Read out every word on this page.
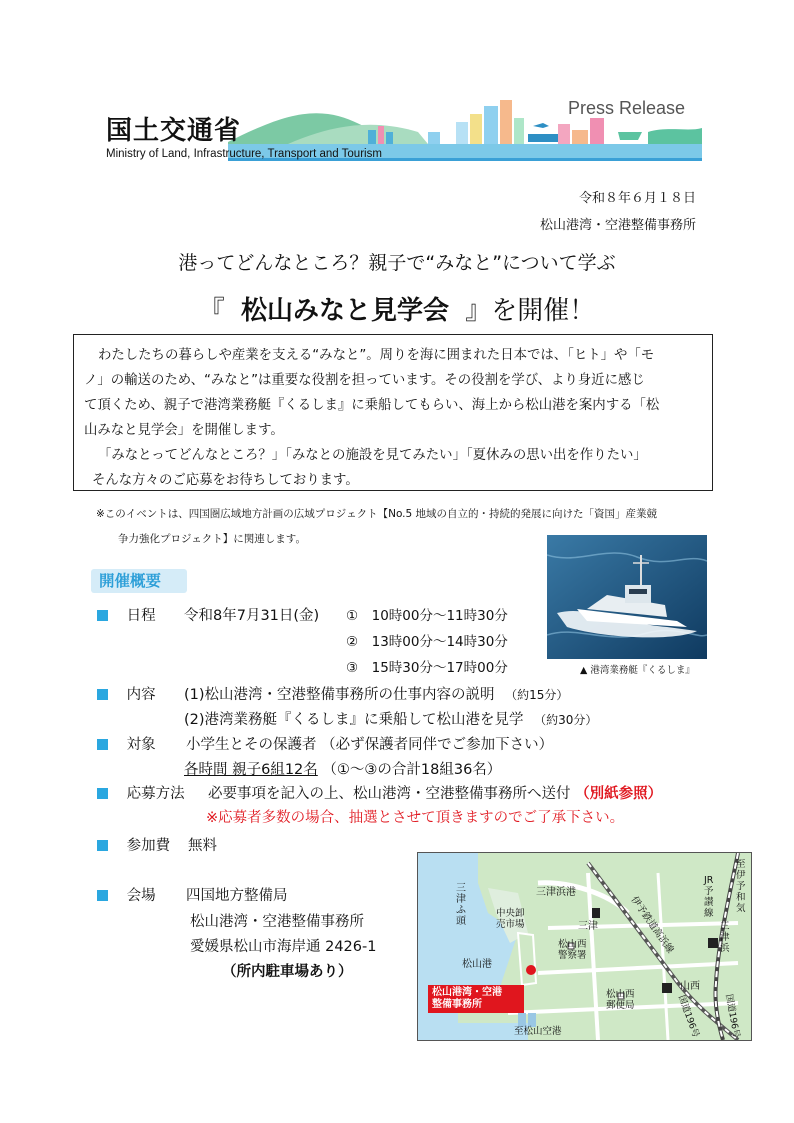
国土交通省
Ministry of Land, Infrastructure, Transport and Tourism
Press Release
令和８年６月１８日
松山港湾・空港整備事務所
港ってどんなところ？親子で“みなと”について学ぶ
『 松山みなと見学会 』を開催！
わたしたちの暮らしや産業を支える“みなと”。周りを海に囲まれた日本では、「ヒト」や「モ
ノ」の輸送のため、“みなと”は重要な役割を担っています。その役割を学び、より身近に感じ
て頂くため、親子で港湾業務艇『くるしま』に乗船してもらい、海上から松山港を案内する「松
山みなと見学会」を開催します。
「みなとってどんなところ？」「みなとの施設を見てみたい」「夏休みの思い出を作りたい」
そんな方々のご応募をお待ちしております。
※このイベントは、四国圏広域地方計画の広域プロジェクト【No.5 地域の自立的・持続的発展に向けた「資国」産業競
争力強化プロジェクト】に関連します。
▲ 港湾業務艇『くるしま』
開催概要
日程 令和8年7月31日(金) ①　10時00分～11時30分
②　13時00分～14時30分
③　15時30分～17時00分
内容 (1)松山港湾・空港整備事務所の仕事内容の説明 （約15分）
(2)港湾業務艇『くるしま』に乗船して松山港を見学 （約30分）
対象 小学生とその保護者 （必ず保護者同伴でご参加下さい）
各時間 親子6組12名 （①～③の合計18組36名）
応募方法 必要事項を記入の上、松山港湾・空港整備事務所へ送付 （別紙参照）
※応募者多数の場合、抽選とさせて頂きますのでご了承下さい。
参加費 無料
会場 四国地方整備局
松山港湾・空港整備事務所
愛媛県松山市海岸通 2426-1
（所内駐車場あり）
三津ふ頭
三津浜港
中央卸売市場
松山港
三津	伊予鉄道高浜線
松山西警察署
松山西郵便局
山西
至松山空港
JR予讃線
至伊予和気
三津浜
国道196号	国道196号
松山港湾・空港
整備事務所
